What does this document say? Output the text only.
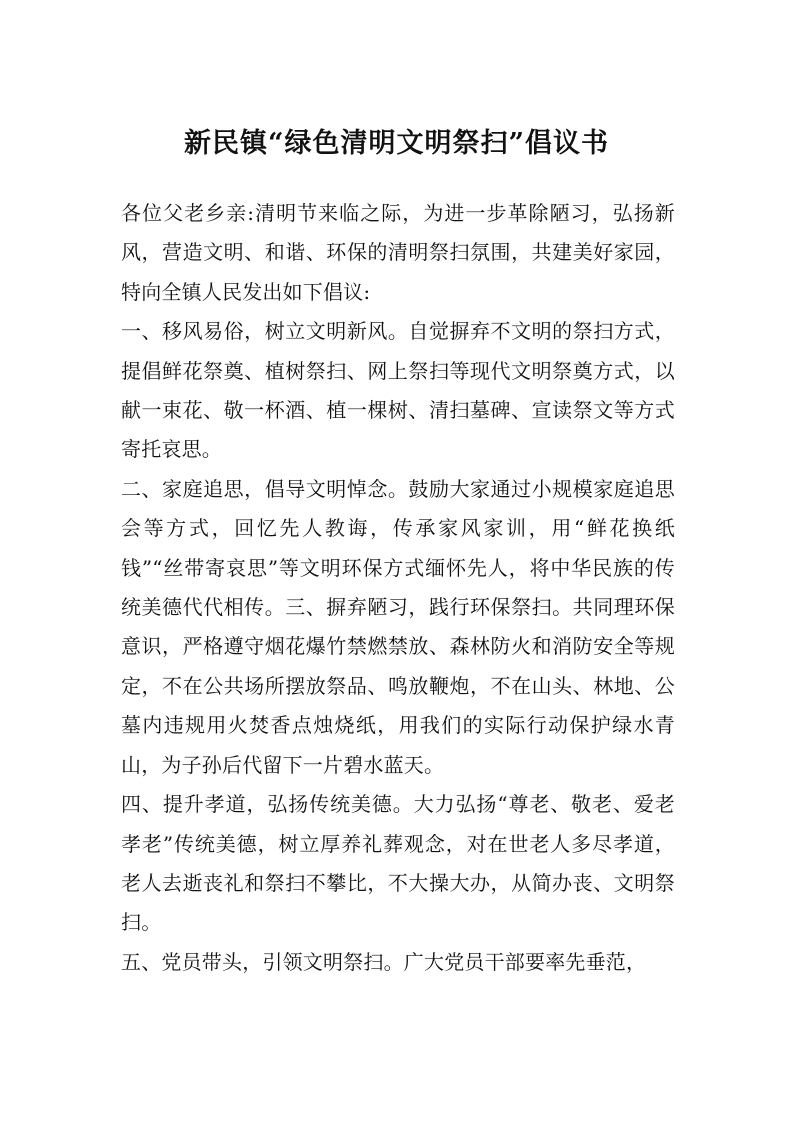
新民镇“绿色清明文明祭扫”倡议书

各位父老乡亲:清明节来临之际，为进一步革除陋习，弘扬新风，营造文明、和谐、环保的清明祭扫氛围，共建美好家园，特向全镇人民发出如下倡议:

一、移风易俗，树立文明新风。自觉摒弃不文明的祭扫方式，提倡鲜花祭奠、植树祭扫、网上祭扫等现代文明祭奠方式，以献一束花、敬一杯酒、植一棵树、清扫墓碑、宣读祭文等方式寄托哀思。

二、家庭追思，倡导文明悼念。鼓励大家通过小规模家庭追思会等方式，回忆先人教诲，传承家风家训，用“鲜花换纸钱”“丝带寄哀思”等文明环保方式缅怀先人，将中华民族的传统美德代代相传。三、摒弃陋习，践行环保祭扫。共同理环保意识，严格遵守烟花爆竹禁燃禁放、森林防火和消防安全等规定，不在公共场所摆放祭品、鸣放鞭炮，不在山头、林地、公墓内违规用火焚香点烛烧纸，用我们的实际行动保护绿水青山，为子孙后代留下一片碧水蓝天。

四、提升孝道，弘扬传统美德。大力弘扬“尊老、敬老、爱老孝老”传统美德，树立厚养礼葬观念，对在世老人多尽孝道，老人去逝丧礼和祭扫不攀比，不大操大办，从简办丧、文明祭扫。

五、党员带头，引领文明祭扫。广大党员干部要率先垂范，
